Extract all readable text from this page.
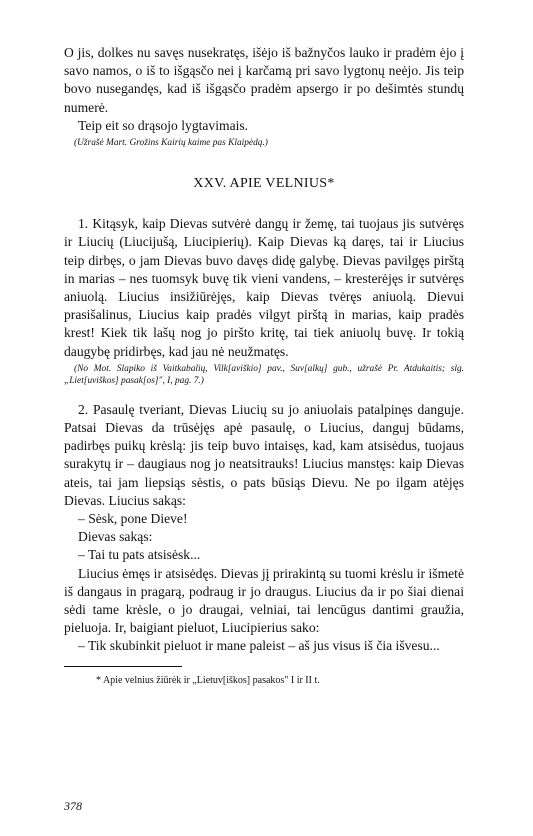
O jis, dolkes nu savęs nusekratęs, išėjo iš bažnyčos lauko ir pradėm ėjo į savo namos, o iš to išgąsčo nei į karčamą pri savo lygtonų neėjo. Jis teip bovo nusegandęs, kad iš išgąsčo pradėm apsergo ir po dešimtės stundų numerė.

Teip eit so drąsojo lygtavimais.

(Užrašė Mart. Grožins Kairių kaime pas Klaipėdą.)

XXV. APIE VELNIUS*

1. Kitąsyk, kaip Dievas sutvėrė dangų ir žemę, tai tuojaus jis sutvėręs ir Liucių (Liucijušą, Liucipierių). Kaip Dievas ką daręs, tai ir Liucius teip dirbęs, o jam Dievas buvo davęs didę galybę. Dievas pavilgęs pirštą in marias – nes tuomsyk buvę tik vieni vandens, – kresterėjęs ir sutvėręs aniuolą. Liucius insižiūrėjęs, kaip Dievas tvėręs aniuolą. Dievui prasišalinus, Liucius kaip pradės vilgyt pirštą in marias, kaip pradės krest! Kiek tik lašų nog jo piršto kritę, tai tiek aniuolų buvę. Ir tokią daugybę pridirbęs, kad jau nė neužmatęs.

(No Mot. Slapiko iš Vaitkabalių, Vilk[aviškio] pav., Suv[alkų] gub., užrašė Pr. Atdukaitis; slg. „Liet[uviškos] pasak[os]", I, pag. 7.)

2. Pasaulę tveriant, Dievas Liucių su jo aniuolais patalpinęs danguje. Patsai Dievas da trūsėjęs apė pasaulę, o Liucius, danguj būdams, padirbęs puikų krėslą: jis teip buvo intaisęs, kad, kam atsisėdus, tuojaus surakytų ir – daugiaus nog jo neatsitrauks! Liucius manstęs: kaip Dievas ateis, tai jam liepsiąs sėstis, o pats būsiąs Dievu. Ne po ilgam atėjęs Dievas. Liucius sakąs:

– Sėsk, pone Dieve!

Dievas sakąs:

– Tai tu pats atsisėsk...

Liucius ėmęs ir atsisėdęs. Dievas jį prirakintą su tuomi krėslu ir išmetė iš dangaus in pragarą, podraug ir jo draugus. Liucius da ir po šiai dienai sėdi tame krėsle, o jo draugai, velniai, tai lencūgus dantimi graužia, pieluoja. Ir, baigiant pieluot, Liucipierius sako:

– Tik skubinkit pieluot ir mane paleist – aš jus visus iš čia išvesu...

* Apie velnius žiūrėk ir „Lietuv[iškos] pasakos" I ir II t.

378
